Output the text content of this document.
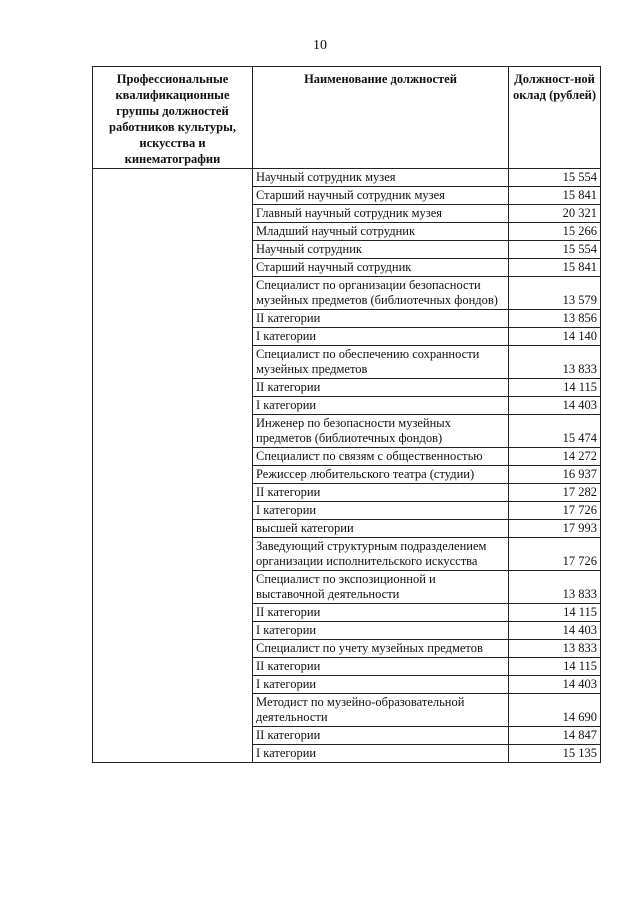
10
Профессиональные квалификационные группы должностей работников культуры, искусства и кинематографии	Наименование должностей	Должност-ной оклад (рублей)
	Научный сотрудник музея	15 554
	Старший научный сотрудник музея	15 841
	Главный научный сотрудник музея	20 321
	Младший научный сотрудник	15 266
	Научный сотрудник	15 554
	Старший научный сотрудник	15 841
	Специалист по организации безопасности музейных предметов (библиотечных фондов)	13 579
	II категории	13 856
	I категории	14 140
	Специалист по обеспечению сохранности музейных предметов	13 833
	II категории	14 115
	I категории	14 403
	Инженер по безопасности музейных предметов (библиотечных фондов)	15 474
	Специалист по связям с общественностью	14 272
	Режиссер любительского театра (студии)	16 937
	II категории	17 282
	I категории	17 726
	высшей категории	17 993
	Заведующий структурным подразделением организации исполнительского искусства	17 726
	Специалист по экспозиционной и выставочной деятельности	13 833
	II категории	14 115
	I категории	14 403
	Специалист по учету музейных предметов	13 833
	II категории	14 115
	I категории	14 403
	Методист по музейно-образовательной деятельности	14 690
	II категории	14 847
	I категории	15 135
